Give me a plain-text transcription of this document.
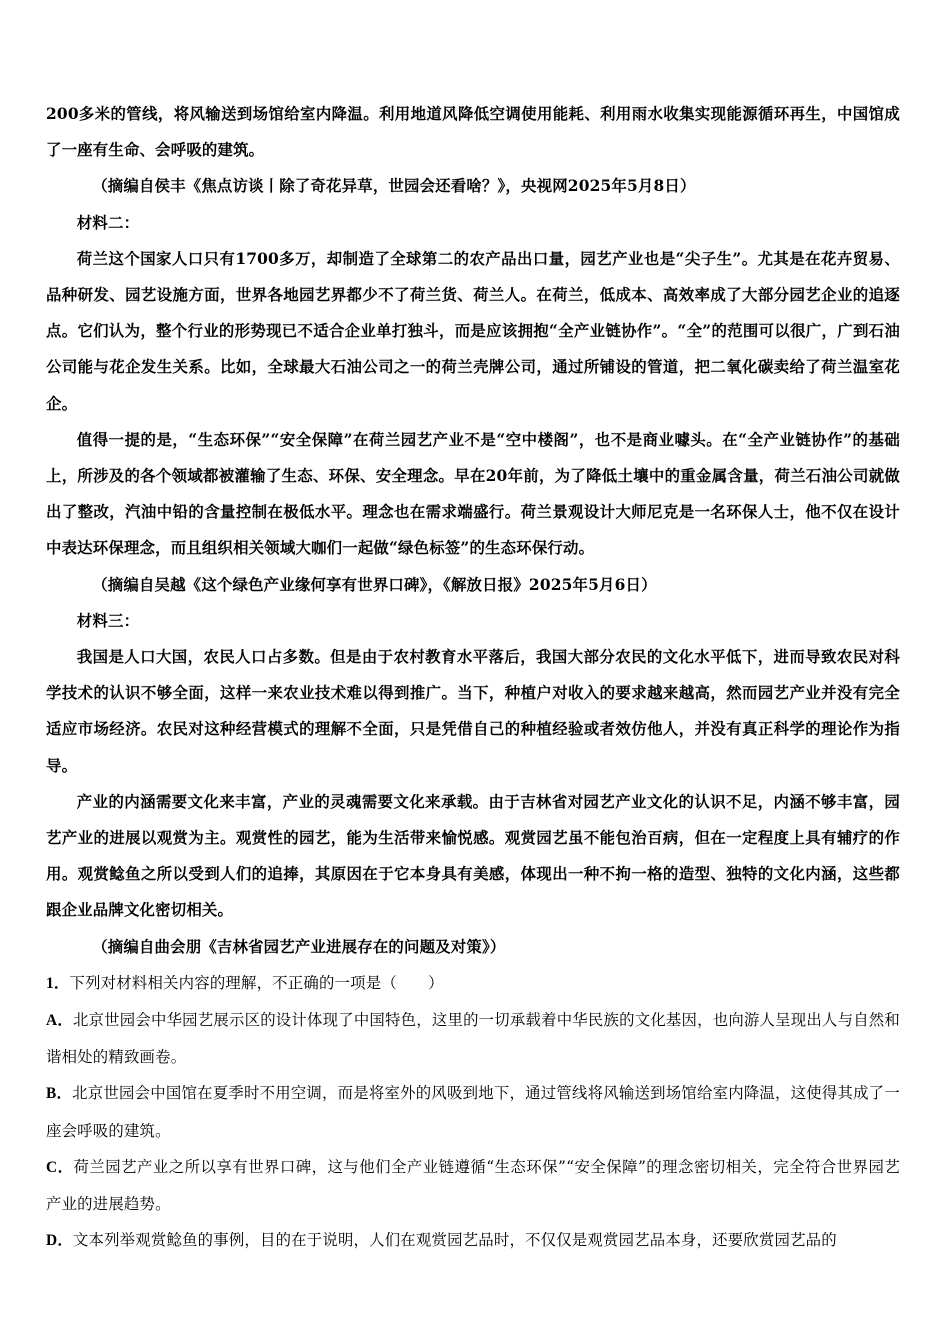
200多米的管线，将风输送到场馆给室内降温。利用地道风降低空调使用能耗、利用雨水收集实现能源循环再生，中国馆成了一座有生命、会呼吸的建筑。

（摘编自侯丰《焦点访谈丨除了奇花异草，世园会还看啥？》，央视网2025年5月8日）

材料二：

荷兰这个国家人口只有1700多万，却制造了全球第二的农产品出口量，园艺产业也是“尖子生”。尤其是在花卉贸易、品种研发、园艺设施方面，世界各地园艺界都少不了荷兰货、荷兰人。在荷兰，低成本、高效率成了大部分园艺企业的追逐点。它们认为，整个行业的形势现已不适合企业单打独斗，而是应该拥抱“全产业链协作”。“全”的范围可以很广，广到石油公司能与花企发生关系。比如，全球最大石油公司之一的荷兰壳牌公司，通过所铺设的管道，把二氧化碳卖给了荷兰温室花企。

值得一提的是，“生态环保”“安全保障”在荷兰园艺产业不是“空中楼阁”，也不是商业噱头。在“全产业链协作”的基础上，所涉及的各个领域都被灌输了生态、环保、安全理念。早在20年前，为了降低土壤中的重金属含量，荷兰石油公司就做出了整改，汽油中铅的含量控制在极低水平。理念也在需求端盛行。荷兰景观设计大师尼克是一名环保人士，他不仅在设计中表达环保理念，而且组织相关领域大咖们一起做“绿色标签”的生态环保行动。

（摘编自吴越《这个绿色产业缘何享有世界口碑》，《解放日报》2025年5月6日）

材料三：

我国是人口大国，农民人口占多数。但是由于农村教育水平落后，我国大部分农民的文化水平低下，进而导致农民对科学技术的认识不够全面，这样一来农业技术难以得到推广。当下，种植户对收入的要求越来越高，然而园艺产业并没有完全适应市场经济。农民对这种经营模式的理解不全面，只是凭借自己的种植经验或者效仿他人，并没有真正科学的理论作为指导。

产业的内涵需要文化来丰富，产业的灵魂需要文化来承载。由于吉林省对园艺产业文化的认识不足，内涵不够丰富，园艺产业的进展以观赏为主。观赏性的园艺，能为生活带来愉悦感。观赏园艺虽不能包治百病，但在一定程度上具有辅疗的作用。观赏鲶鱼之所以受到人们的追捧，其原因在于它本身具有美感，体现出一种不拘一格的造型、独特的文化内涵，这些都跟企业品牌文化密切相关。

（摘编自曲会朋《吉林省园艺产业进展存在的问题及对策》）

1．下列对材料相关内容的理解，不正确的一项是（　　）

A．北京世园会中华园艺展示区的设计体现了中国特色，这里的一切承载着中华民族的文化基因，也向游人呈现出人与自然和谐相处的精致画卷。

B．北京世园会中国馆在夏季时不用空调，而是将室外的风吸到地下，通过管线将风输送到场馆给室内降温，这使得其成了一座会呼吸的建筑。

C．荷兰园艺产业之所以享有世界口碑，这与他们全产业链遵循“生态环保”“安全保障”的理念密切相关，完全符合世界园艺产业的进展趋势。

D．文本列举观赏鲶鱼的事例，目的在于说明，人们在观赏园艺品时，不仅仅是观赏园艺品本身，还要欣赏园艺品的
